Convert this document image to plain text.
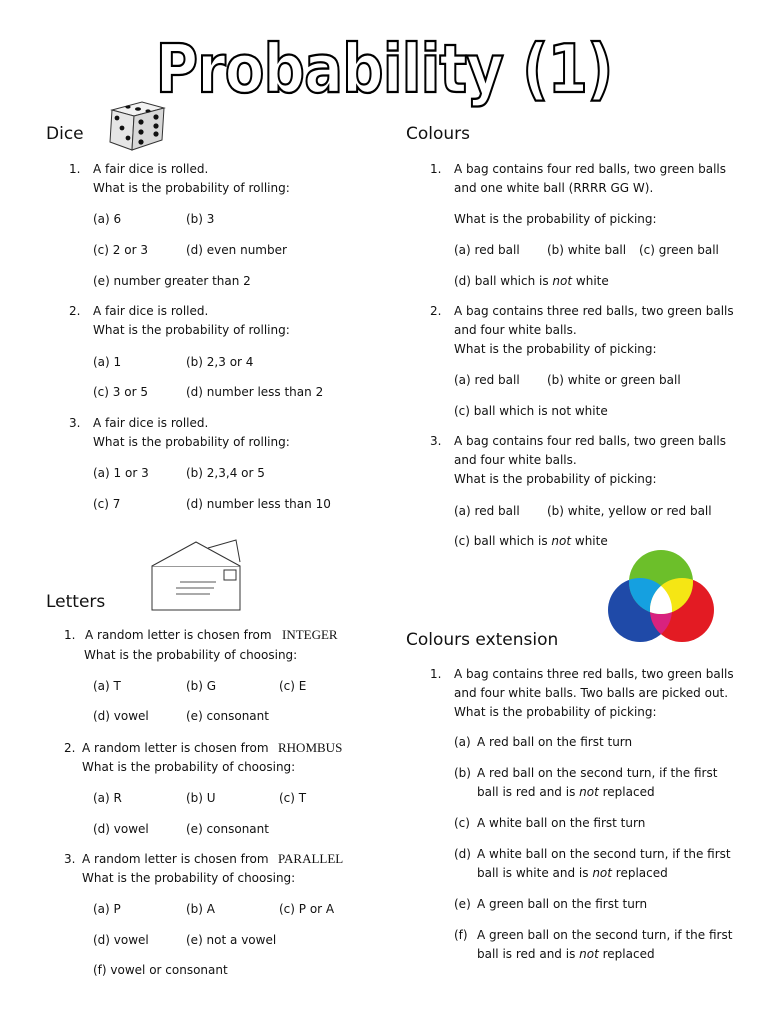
Probability (1)
Dice
1. A fair dice is rolled.
What is the probability of rolling:
(a) 6	(b) 3
(c) 2 or 3	(d) even number
(e) number greater than 2
2. A fair dice is rolled.
What is the probability of rolling:
(a) 1	(b) 2,3 or 4
(c) 3 or 5	(d) number less than 2
3. A fair dice is rolled.
What is the probability of rolling:
(a) 1 or 3	(b) 2,3,4 or 5
(c) 7	(d) number less than 10
Letters
1. A random letter is chosen from INTEGER
What is the probability of choosing:
(a) T	(b) G	(c) E
(d) vowel	(e) consonant
2. A random letter is chosen from RHOMBUS
What is the probability of choosing:
(a) R	(b) U	(c) T
(d) vowel	(e) consonant
3. A random letter is chosen from PARALLEL
What is the probability of choosing:
(a) P	(b) A	(c) P or A
(d) vowel	(e) not a vowel
(f) vowel or consonant
Colours
1. A bag contains four red balls, two green balls
and one white ball (RRRR GG W).
What is the probability of picking:
(a) red ball (b) white ball (c) green ball
(d) ball which is not white
2. A bag contains three red balls, two green balls
and four white balls.
What is the probability of picking:
(a) red ball (b) white or green ball
(c) ball which is not white
3. A bag contains four red balls, two green balls
and four white balls.
What is the probability of picking:
(a) red ball (b) white, yellow or red ball
(c) ball which is not white
Colours extension
1. A bag contains three red balls, two green balls
and four white balls. Two balls are picked out.
What is the probability of picking:
(a) A red ball on the first turn
(b) A red ball on the second turn, if the first
ball is red and is not replaced
(c) A white ball on the first turn
(d) A white ball on the second turn, if the first
ball is white and is not replaced
(e) A green ball on the first turn
(f) A green ball on the second turn, if the first
ball is red and is not replaced
